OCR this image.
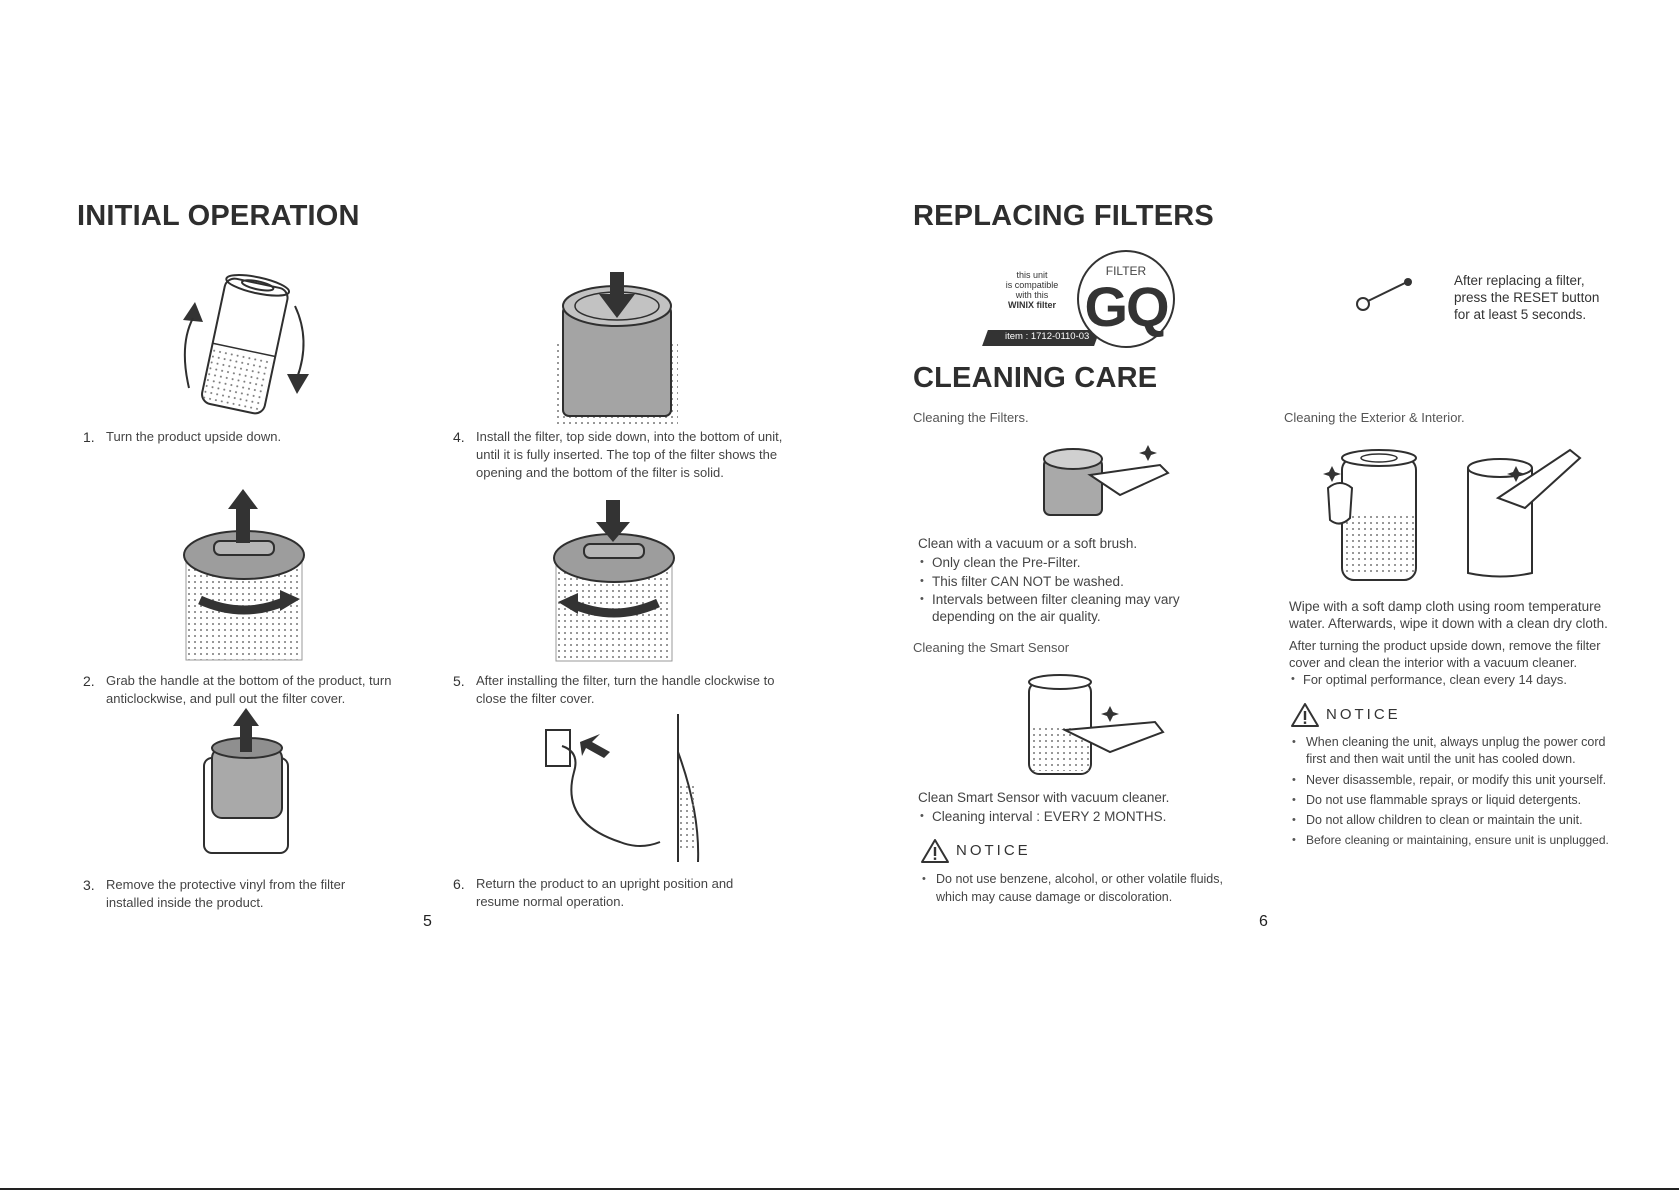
INITIAL OPERATION
1. Turn the product upside down.
2. Grab the handle at the bottom of the product, turn anticlockwise, and pull out the filter cover.
3. Remove the protective vinyl from the filter installed inside the product.
4. Install the filter, top side down, into the bottom of unit, until it is fully inserted. The top of the filter shows the opening and the bottom of the filter is solid.
5. After installing the filter, turn the handle clockwise to close the filter cover.
6. Return the product to an upright position and resume normal operation.
5
REPLACING FILTERS
item : 1712-0110-03
this unit
is compatible
with this
WINIX filter
FILTER
GQ	After replacing a filter,
press the RESET button
for at least 5 seconds.
CLEANING CARE
Cleaning the Filters.
Clean with a vacuum or a soft brush.
• Only clean the Pre-Filter.
• This filter CAN NOT be washed.
• Intervals between filter cleaning may vary depending on the air quality.
Cleaning the Smart Sensor
Clean Smart Sensor with vacuum cleaner.
• Cleaning interval : EVERY 2 MONTHS.
NOTICE
• Do not use benzene, alcohol, or other volatile fluids, which may cause damage or discoloration.
Cleaning the Exterior & Interior.
Wipe with a soft damp cloth using room temperature water. Afterwards, wipe it down with a clean dry cloth.
After turning the product upside down, remove the filter cover and clean the interior with a vacuum cleaner.
• For optimal performance, clean every 14 days.
NOTICE
• When cleaning the unit, always unplug the power cord first and then wait until the unit has cooled down.
• Never disassemble, repair, or modify this unit yourself.
• Do not use flammable sprays or liquid detergents.
• Do not allow children to clean or maintain the unit.
• Before cleaning or maintaining, ensure unit is unplugged.
6
